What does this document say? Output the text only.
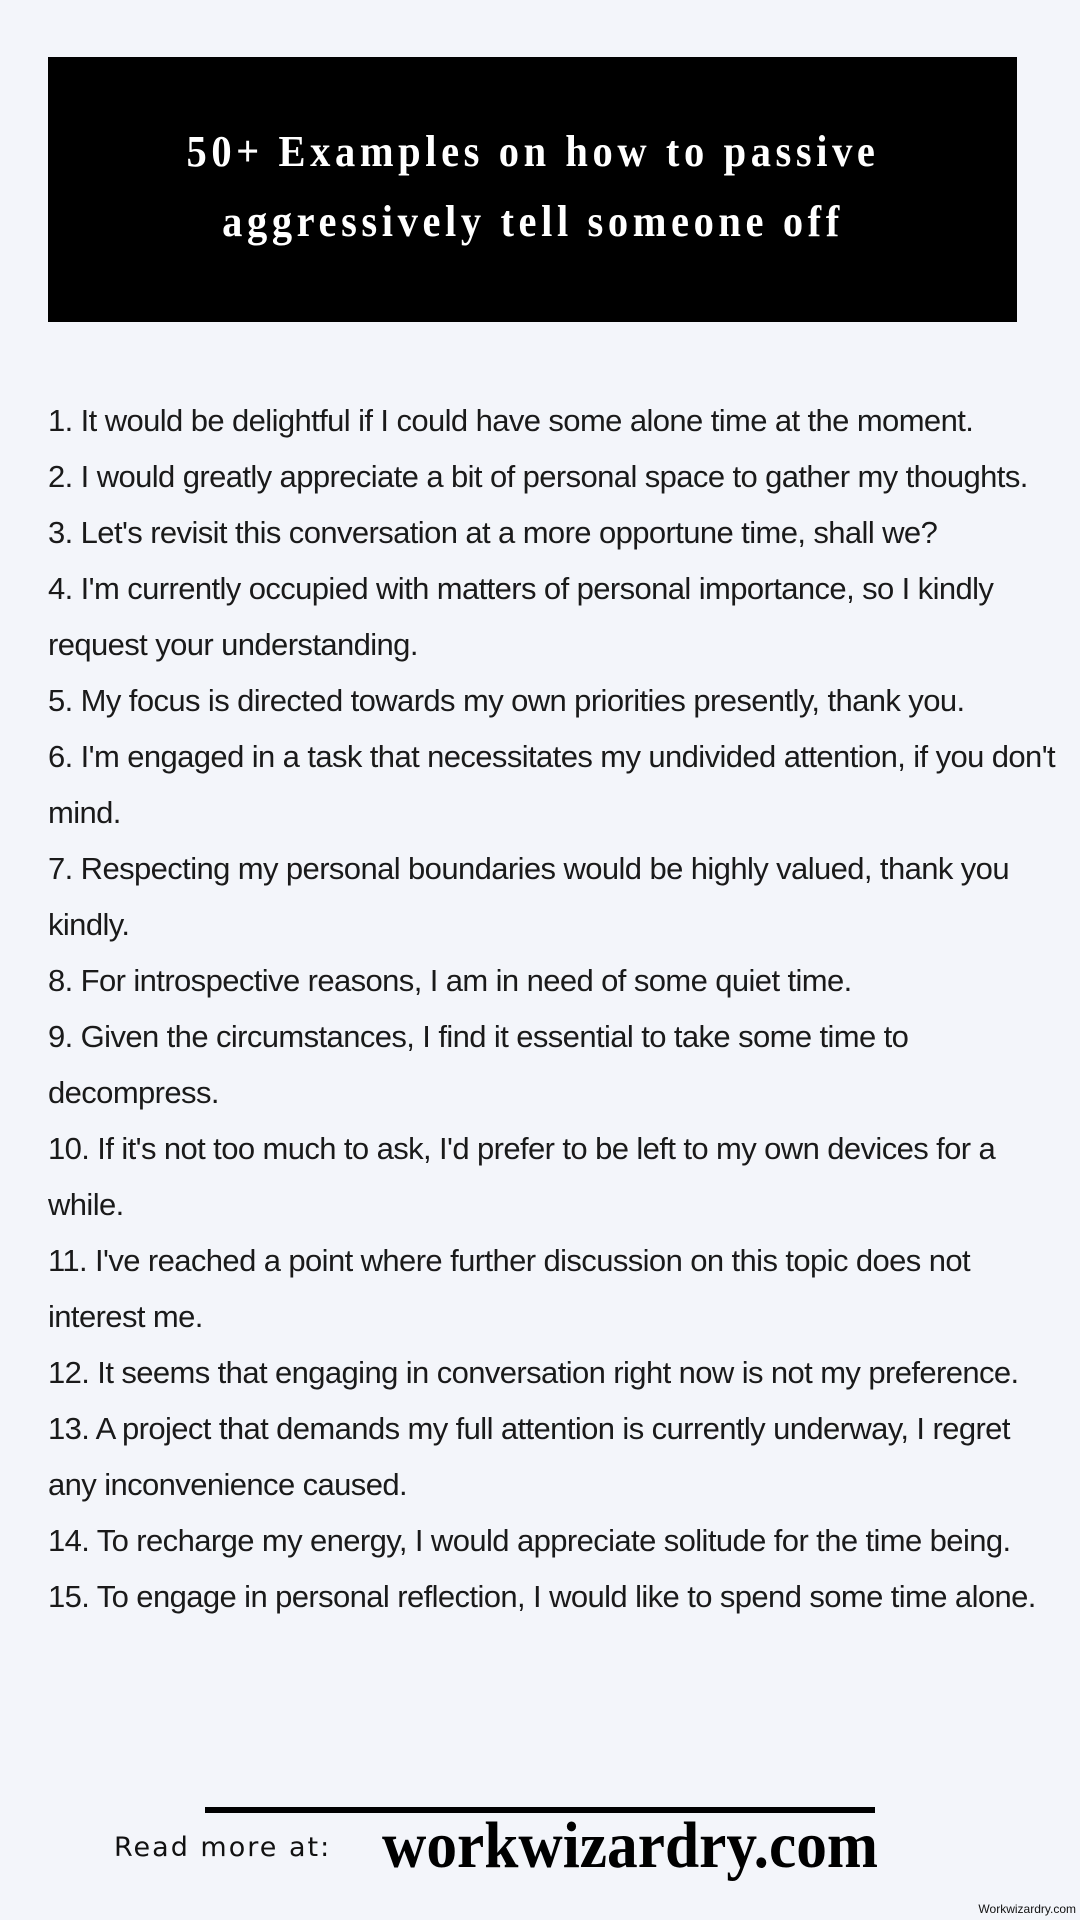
50+ Examples on how to passive aggressively tell someone off
1. It would be delightful if I could have some alone time at the moment.
2. I would greatly appreciate a bit of personal space to gather my thoughts.
3. Let's revisit this conversation at a more opportune time, shall we?
4. I'm currently occupied with matters of personal importance, so I kindly request your understanding.
5. My focus is directed towards my own priorities presently, thank you.
6. I'm engaged in a task that necessitates my undivided attention, if you don't mind.
7. Respecting my personal boundaries would be highly valued, thank you kindly.
8. For introspective reasons, I am in need of some quiet time.
9. Given the circumstances, I find it essential to take some time to decompress.
10. If it's not too much to ask, I'd prefer to be left to my own devices for a while.
11. I've reached a point where further discussion on this topic does not interest me.
12. It seems that engaging in conversation right now is not my preference.
13. A project that demands my full attention is currently underway, I regret any inconvenience caused.
14. To recharge my energy, I would appreciate solitude for the time being.
15. To engage in personal reflection, I would like to spend some time alone.
Read more at: workwizardry.com
Workwizardry.com
